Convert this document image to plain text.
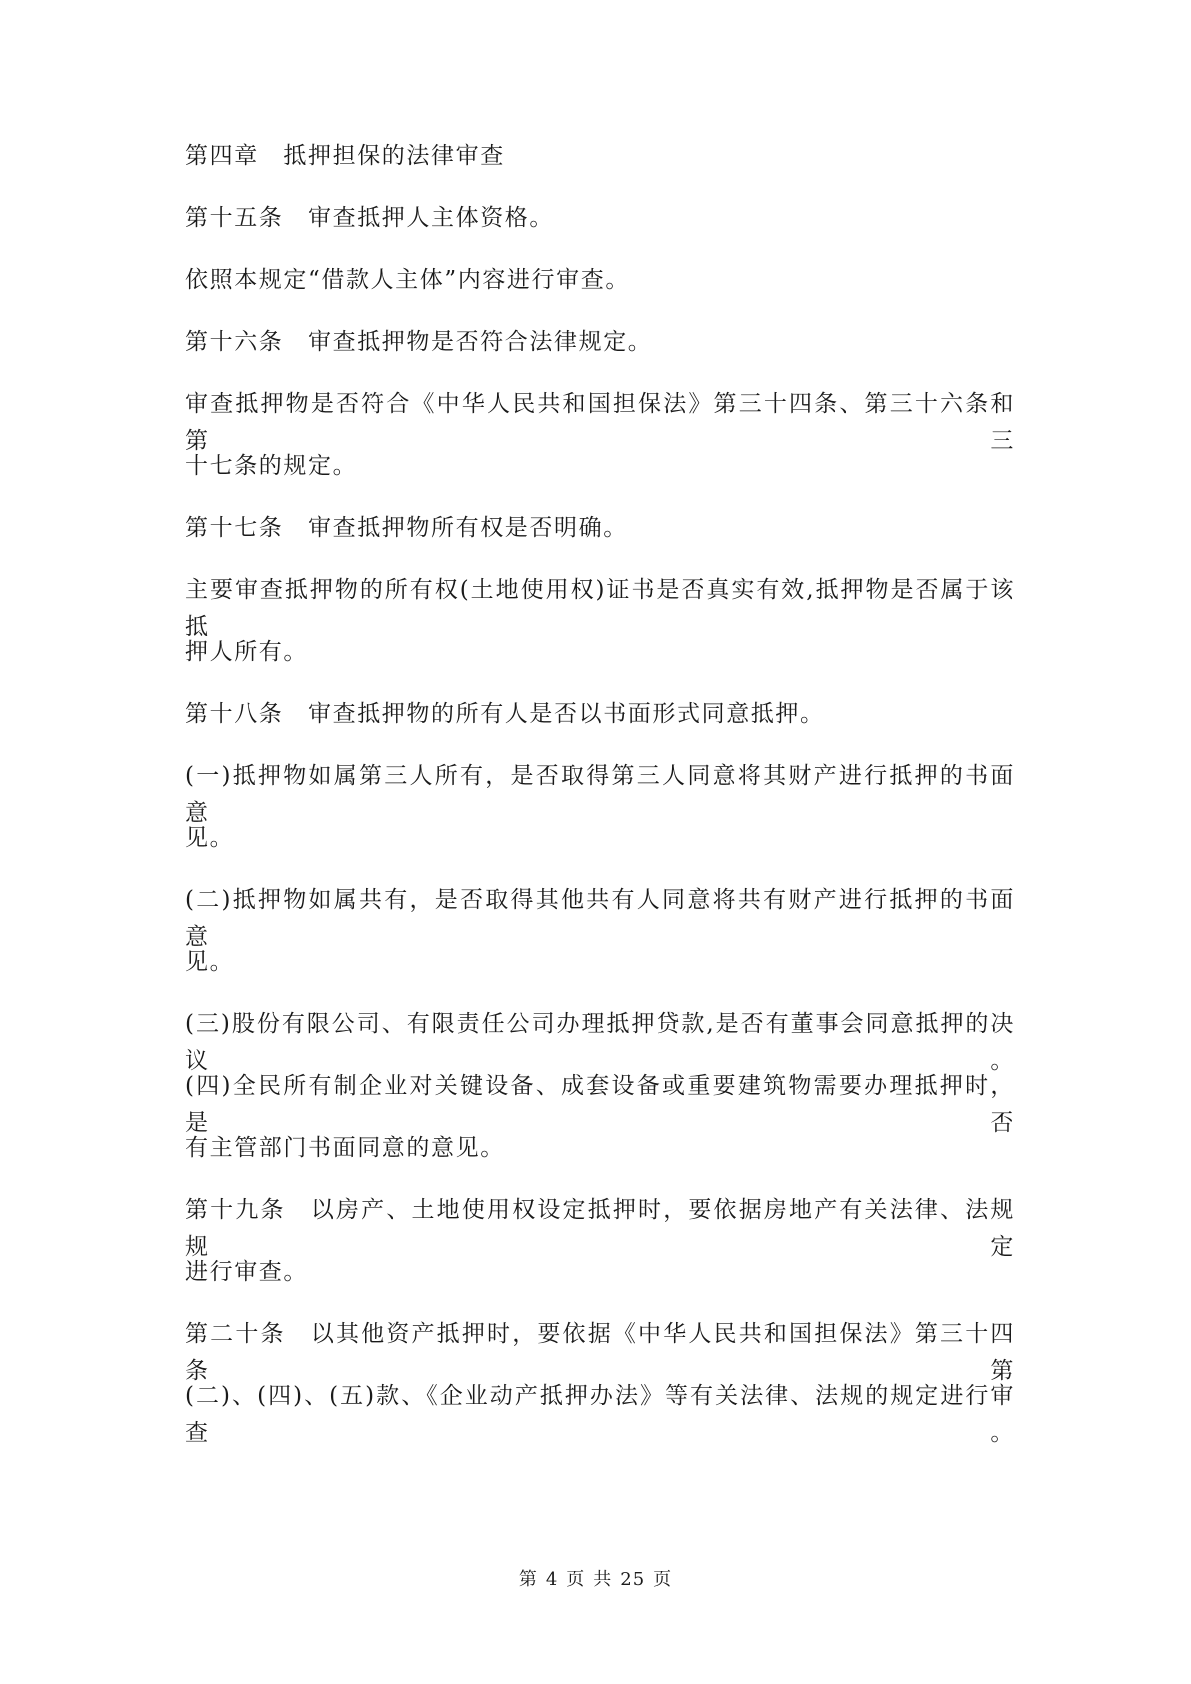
第四章　抵押担保的法律审查
第十五条　审查抵押人主体资格。
依照本规定“借款人主体”内容进行审查。
第十六条　审查抵押物是否符合法律规定。
审查抵押物是否符合《中华人民共和国担保法》第三十四条、第三十六条和第三
十七条的规定。
第十七条　审查抵押物所有权是否明确。
主要审查抵押物的所有权(土地使用权)证书是否真实有效,抵押物是否属于该抵
押人所有。
第十八条　审查抵押物的所有人是否以书面形式同意抵押。
(一)抵押物如属第三人所有，是否取得第三人同意将其财产进行抵押的书面意
见。
(二)抵押物如属共有，是否取得其他共有人同意将共有财产进行抵押的书面意
见。
(三)股份有限公司、有限责任公司办理抵押贷款,是否有董事会同意抵押的决议。
(四)全民所有制企业对关键设备、成套设备或重要建筑物需要办理抵押时，是否
有主管部门书面同意的意见。
第十九条　以房产、土地使用权设定抵押时，要依据房地产有关法律、法规规定
进行审查。
第二十条　以其他资产抵押时，要依据《中华人民共和国担保法》第三十四条第
(二)、(四)、(五)款、《企业动产抵押办法》等有关法律、法规的规定进行审查。
第 4 页 共 25 页
